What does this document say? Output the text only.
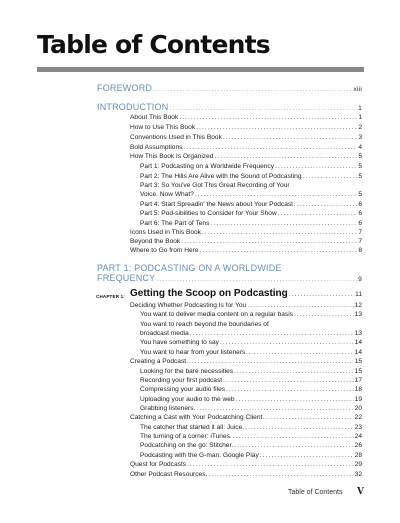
Table of Contents
FOREWORD .....	xiii
INTRODUCTION .....	1
About This Book .....	1
How to Use This Book .....	2
Conventions Used in This Book .....	3
Bold Assumptions .....	4
How This Book Is Organized .....	5
Part 1: Podcasting on a Worldwide Frequency .....	5
Part 2: The Hills Are Alive with the Sound of Podcasting .....	5
Part 3: So You've Got This Great Recording of Your
Voice. Now What? .....	5
Part 4: Start Spreadin' the News about Your Podcast .....	6
Part 5: Pod-sibilities to Consider for Your Show .....	6
Part 6: The Part of Tens .....	6
Icons Used in This Book .....	7
Beyond the Book .....	7
Where to Go from Here .....	8
PART 1: PODCASTING ON A WORLDWIDE
FREQUENCY .....	9
CHAPTER 1: Getting the Scoop on Podcasting .....	11
Deciding Whether Podcasting Is for You .....	12
You want to deliver media content on a regular basis .....	13
You want to reach beyond the boundaries of
broadcast media .....	13
You have something to say .....	14
You want to hear from your listeners. .....	14
Creating a Podcast. .....	15
Looking for the bare necessities .....	15
Recording your first podcast .....	17
Compressing your audio files .....	18
Uploading your audio to the web .....	19
Grabbing listeners. .....	20
Catching a Cast with Your Podcatching Client. .....	22
The catcher that started it all: Juice. .....	23
The turning of a corner: iTunes. .....	24
Podcatching on the go: Stitcher. .....	26
Podcasting with the G-man: Google Play .....	28
Quest for Podcasts .....	29
Other Podcast Resources. .....	32
Table of Contents V
